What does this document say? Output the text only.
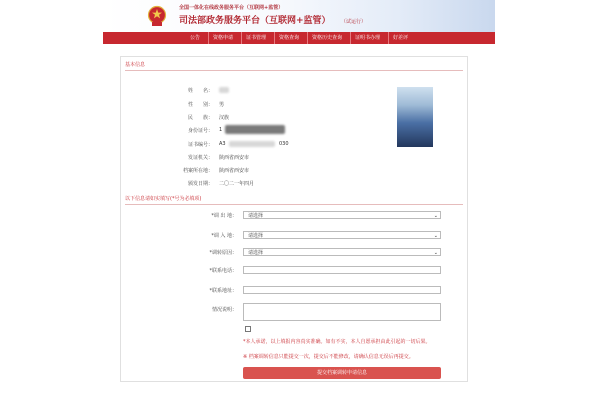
全国一体化在线政务服务平台（互联网+监管）
司法部政务服务平台（互联网+监管） （试运行）
公告	资格申请	证书管理	资格查询	资格历史查询	证明书办理	好差评
基本信息
姓　　名：
性　　别： 男
民　　族： 汉族
身份证号： 1
证书编号： A3	030
发证机关： 陕西省西安市
档案所在地： 陕西省西安市
颁发日期： 二〇二一年四月
以下信息请如实填写(*号为必填项)
*调 出 地：	请选择	⌄
*调 入 地：	请选择	⌄
*调转原因：	请选择	⌄
*联系电话：
*联系地址：
情况说明：
*本人承诺，以上填报内容真实准确。如有不实，本人自愿承担由此引起的一切后果。
※ 档案调转信息只能提交一次，提交后不能修改，请确认信息无误后再提交。
提交档案调转申请信息
